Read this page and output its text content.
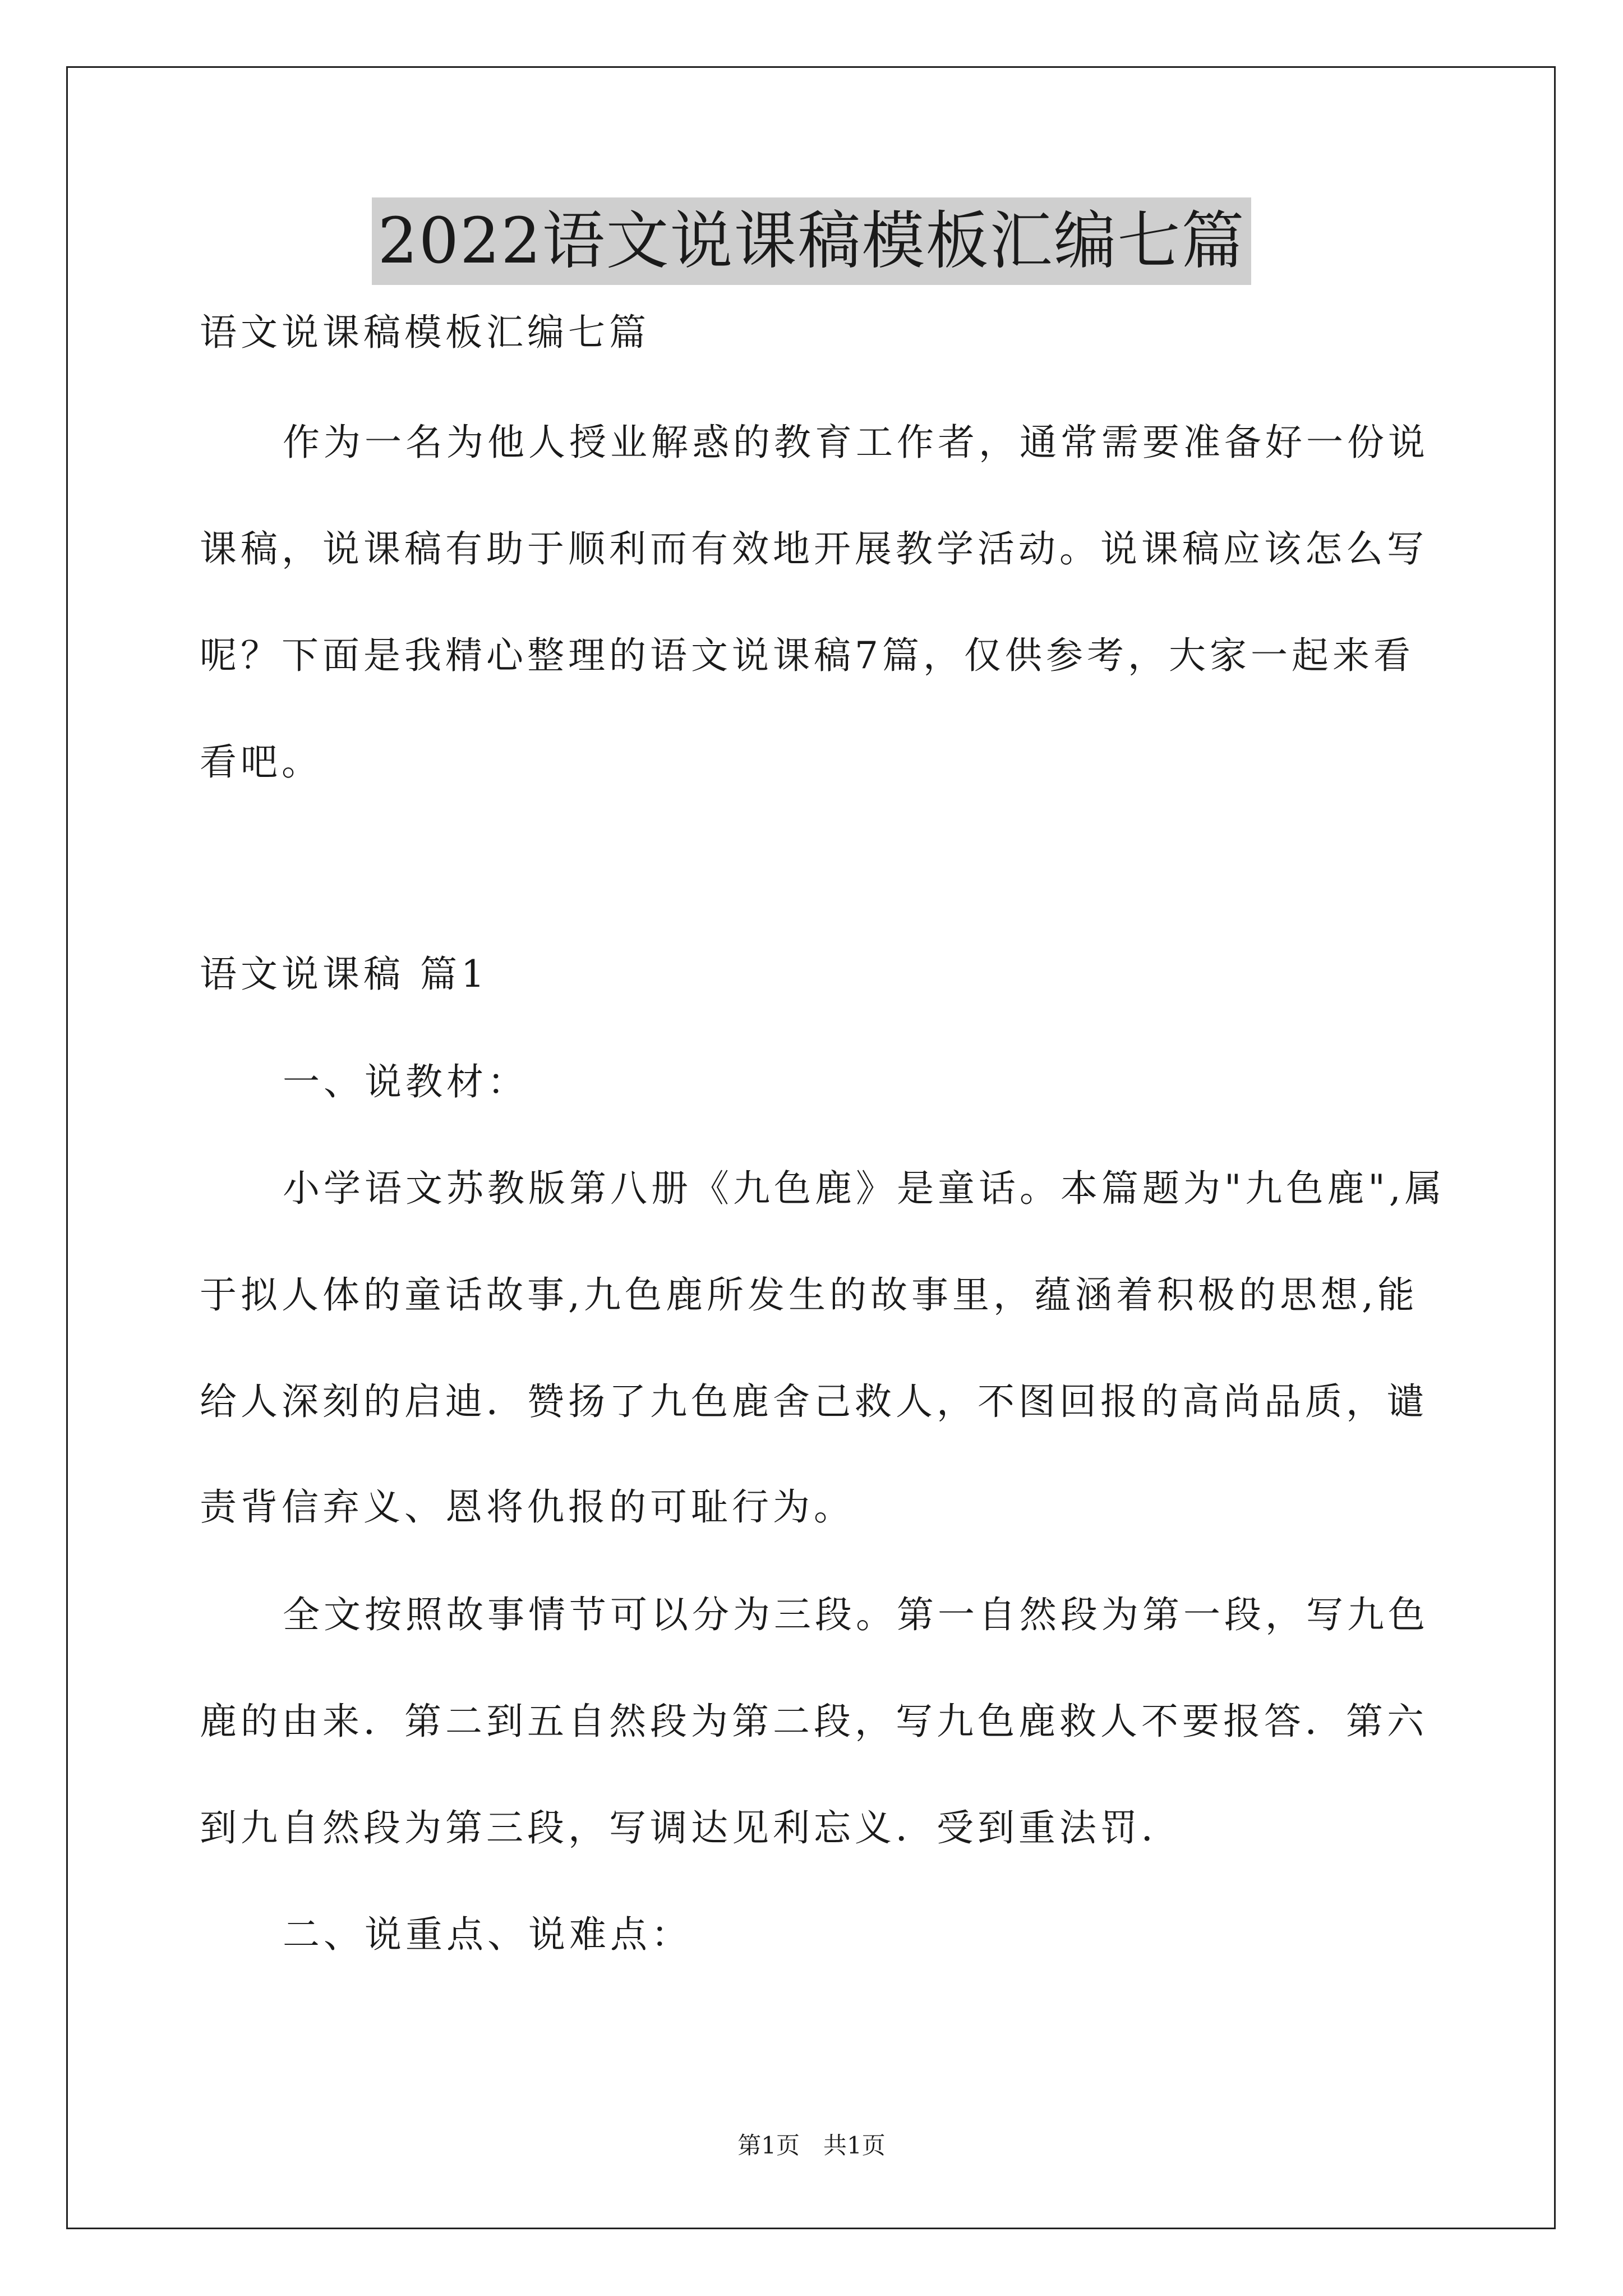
2022语文说课稿模板汇编七篇
语文说课稿模板汇编七篇
作为一名为他人授业解惑的教育工作者，通常需要准备好一份说
课稿，说课稿有助于顺利而有效地开展教学活动。说课稿应该怎么写
呢？下面是我精心整理的语文说课稿7篇，仅供参考，大家一起来看
看吧。
语文说课稿 篇1
一、说教材：
小学语文苏教版第八册《九色鹿》是童话。本篇题为"九色鹿",属
于拟人体的童话故事,九色鹿所发生的故事里，蕴涵着积极的思想,能
给人深刻的启迪．赞扬了九色鹿舍己救人，不图回报的高尚品质，谴
责背信弃义、恩将仇报的可耻行为。
全文按照故事情节可以分为三段。第一自然段为第一段，写九色
鹿的由来．第二到五自然段为第二段，写九色鹿救人不要报答．第六
到九自然段为第三段，写调达见利忘义．受到重法罚．
二、说重点、说难点：
第1页　共1页
